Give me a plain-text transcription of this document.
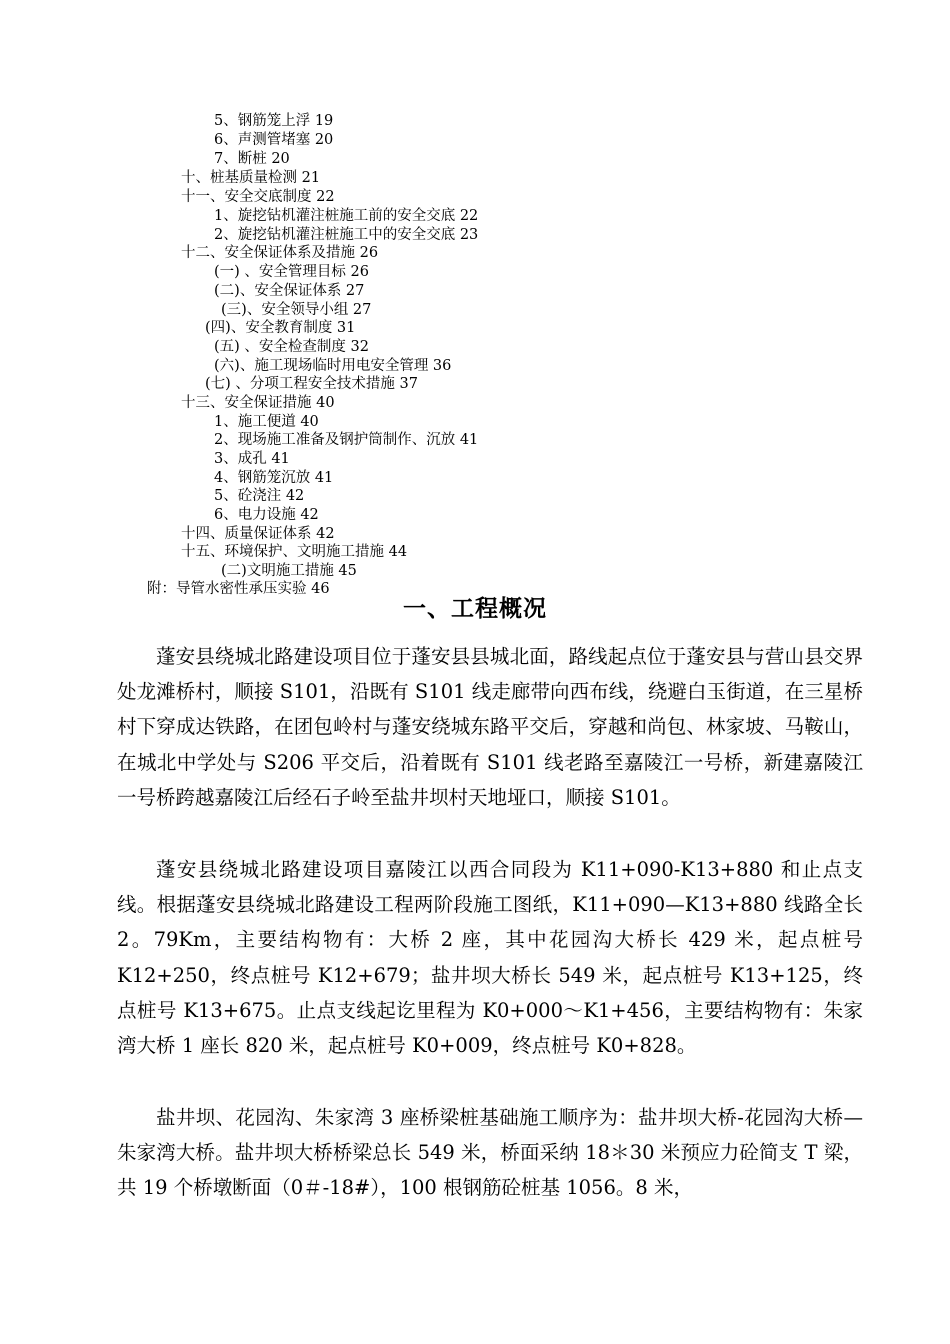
5、钢筋笼上浮 19
6、声测管堵塞 20
7、断桩 20
十、桩基质量检测 21
十一、安全交底制度 22
1、旋挖钻机灌注桩施工前的安全交底 22
2、旋挖钻机灌注桩施工中的安全交底 23
十二、安全保证体系及措施 26
(一) 、安全管理目标 26
(二)、安全保证体系 27
(三)、安全领导小组 27
(四)、安全教育制度 31
(五) 、安全检查制度 32
(六)、施工现场临时用电安全管理 36
(七) 、分项工程安全技术措施 37
十三、安全保证措施 40
1、施工便道 40
2、现场施工准备及钢护筒制作、沉放 41
3、成孔 41
4、钢筋笼沉放 41
5、砼浇注 42
6、电力设施 42
十四、质量保证体系 42
十五、环境保护、文明施工措施 44
(二)文明施工措施 45
附：导管水密性承压实验 46
一、工程概况

蓬安县绕城北路建设项目位于蓬安县县城北面，路线起点位于蓬安县与营山县交界处龙滩桥村，顺接 S101，沿既有 S101 线走廊带向西布线，绕避白玉街道，在三星桥村下穿成达铁路，在团包岭村与蓬安绕城东路平交后，穿越和尚包、林家坡、马鞍山，在城北中学处与 S206 平交后，沿着既有 S101 线老路至嘉陵江一号桥，新建嘉陵江一号桥跨越嘉陵江后经石子岭至盐井坝村天地垭口，顺接 S101。

蓬安县绕城北路建设项目嘉陵江以西合同段为 K11+090-K13+880 和止点支线。根据蓬安县绕城北路建设工程两阶段施工图纸，K11+090—K13+880 线路全长 2。79Km，主要结构物有：大桥 2 座，其中花园沟大桥长 429 米，起点桩号 K12+250，终点桩号 K12+679；盐井坝大桥长 549 米，起点桩号 K13+125，终点桩号 K13+675。止点支线起讫里程为 K0+000～K1+456，主要结构物有：朱家湾大桥 1 座长 820 米，起点桩号 K0+009，终点桩号 K0+828。

盐井坝、花园沟、朱家湾 3 座桥梁桩基础施工顺序为：盐井坝大桥-花园沟大桥—朱家湾大桥。盐井坝大桥桥梁总长 549 米，桥面采纳 18＊30 米预应力砼简支 T 梁，共 19 个桥墩断面（0＃-18#），100 根钢筋砼桩基 1056。8 米，
